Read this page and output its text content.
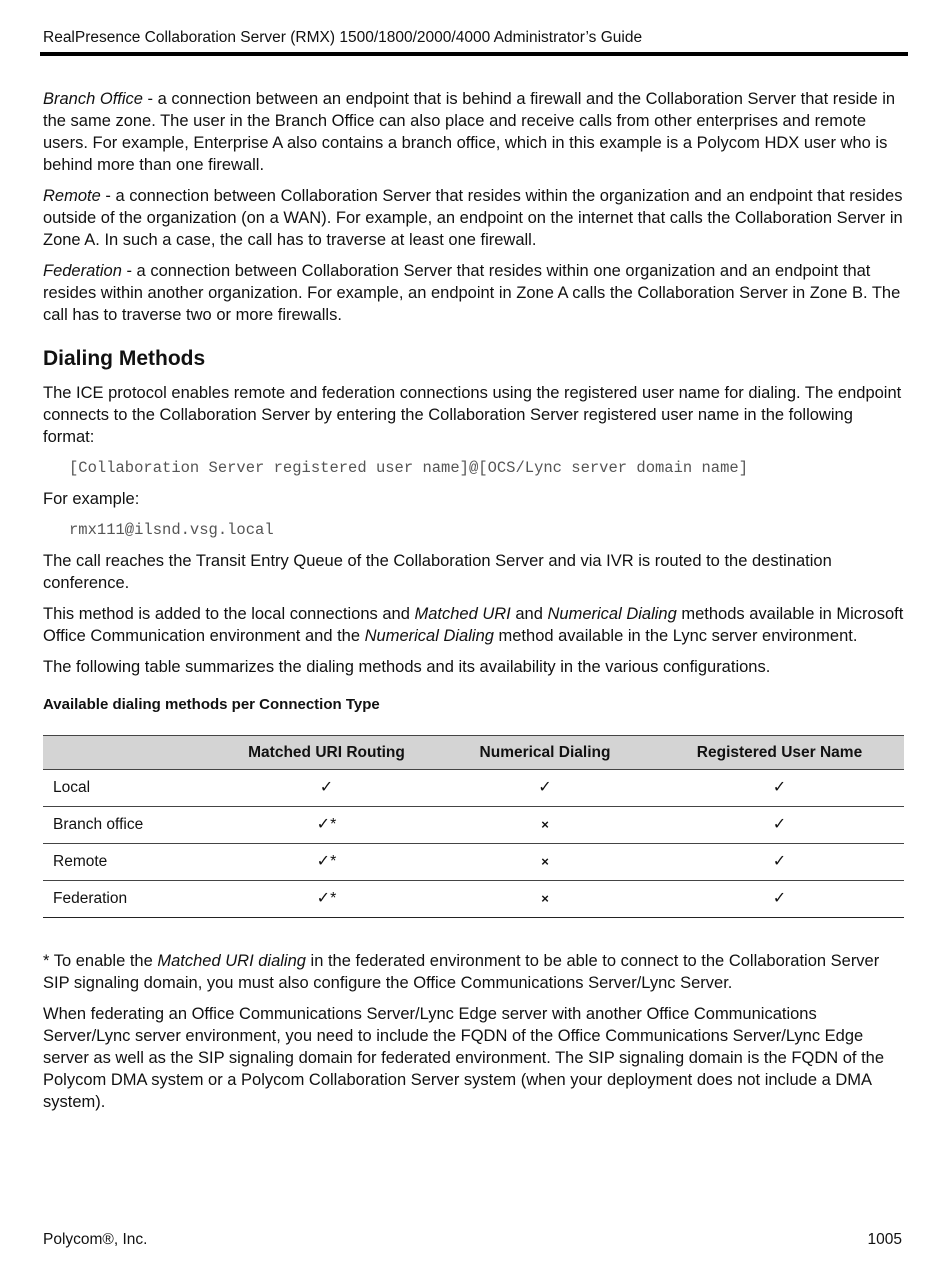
RealPresence Collaboration Server (RMX) 1500/1800/2000/4000 Administrator’s Guide

Branch Office - a connection between an endpoint that is behind a firewall and the Collaboration Server that reside in the same zone. The user in the Branch Office can also place and receive calls from other enterprises and remote users. For example, Enterprise A also contains a branch office, which in this example is a Polycom HDX user who is behind more than one firewall.

Remote - a connection between Collaboration Server that resides within the organization and an endpoint that resides outside of the organization (on a WAN). For example, an endpoint on the internet that calls the Collaboration Server in Zone A. In such a case, the call has to traverse at least one firewall.

Federation - a connection between Collaboration Server that resides within one organization and an endpoint that resides within another organization. For example, an endpoint in Zone A calls the Collaboration Server in Zone B. The call has to traverse two or more firewalls.

Dialing Methods

The ICE protocol enables remote and federation connections using the registered user name for dialing. The endpoint connects to the Collaboration Server by entering the Collaboration Server registered user name in the following format:

[Collaboration Server registered user name]@[OCS/Lync server domain name]

For example:

rmx111@ilsnd.vsg.local

The call reaches the Transit Entry Queue of the Collaboration Server and via IVR is routed to the destination conference.

This method is added to the local connections and Matched URI and Numerical Dialing methods available in Microsoft Office Communication environment and the Numerical Dialing method available in the Lync server environment.

The following table summarizes the dialing methods and its availability in the various configurations.

Available dialing methods per Connection Type
	Matched URI Routing	Numerical Dialing	Registered User Name
Local	✓	✓	✓
Branch office	✓*	×	✓
Remote	✓*	×	✓
Federation	✓*	×	✓

* To enable the Matched URI dialing in the federated environment to be able to connect to the Collaboration Server SIP signaling domain, you must also configure the Office Communications Server/Lync Server.

When federating an Office Communications Server/Lync Edge server with another Office Communications Server/Lync server environment, you need to include the FQDN of the Office Communications Server/Lync Edge server as well as the SIP signaling domain for federated environment. The SIP signaling domain is the FQDN of the Polycom DMA system or a Polycom Collaboration Server system (when your deployment does not include a DMA system).

Polycom®, Inc.	1005
